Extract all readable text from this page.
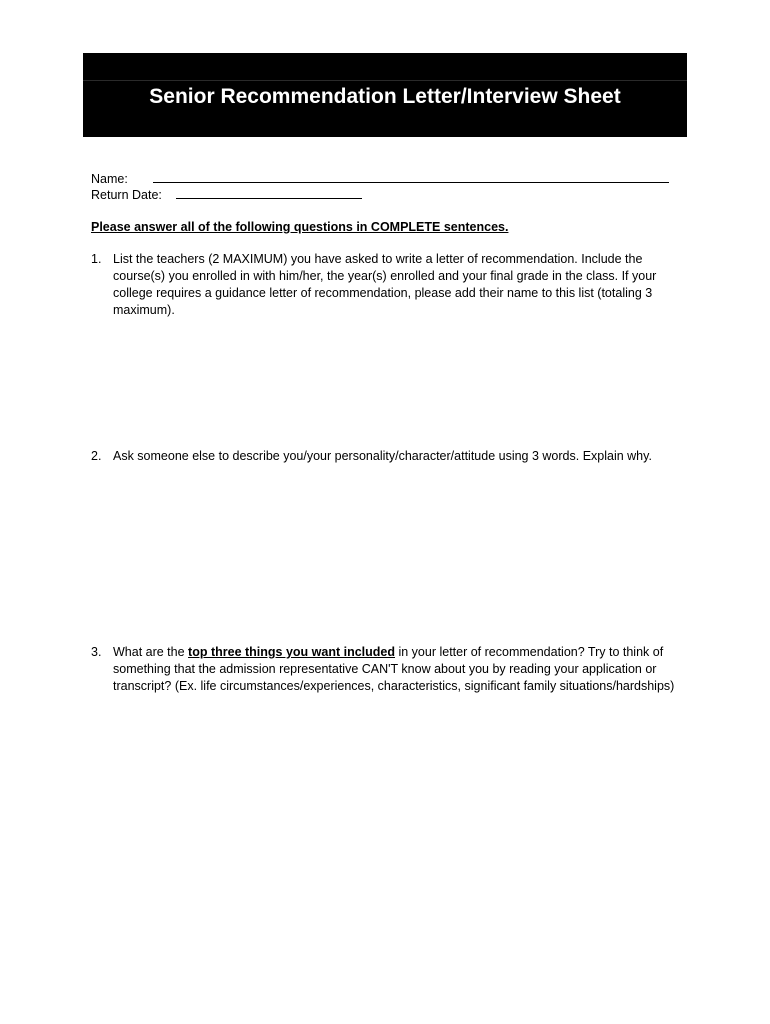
Senior Recommendation Letter/Interview Sheet
Name:
Return Date:
Please answer all of the following questions in COMPLETE sentences.
1. List the teachers (2 MAXIMUM) you have asked to write a letter of recommendation. Include the course(s) you enrolled in with him/her, the year(s) enrolled and your final grade in the class. If your college requires a guidance letter of recommendation, please add their name to this list (totaling 3 maximum).
2. Ask someone else to describe you/your personality/character/attitude using 3 words. Explain why.
3. What are the top three things you want included in your letter of recommendation? Try to think of something that the admission representative CAN'T know about you by reading your application or transcript? (Ex. life circumstances/experiences, characteristics, significant family situations/hardships)
